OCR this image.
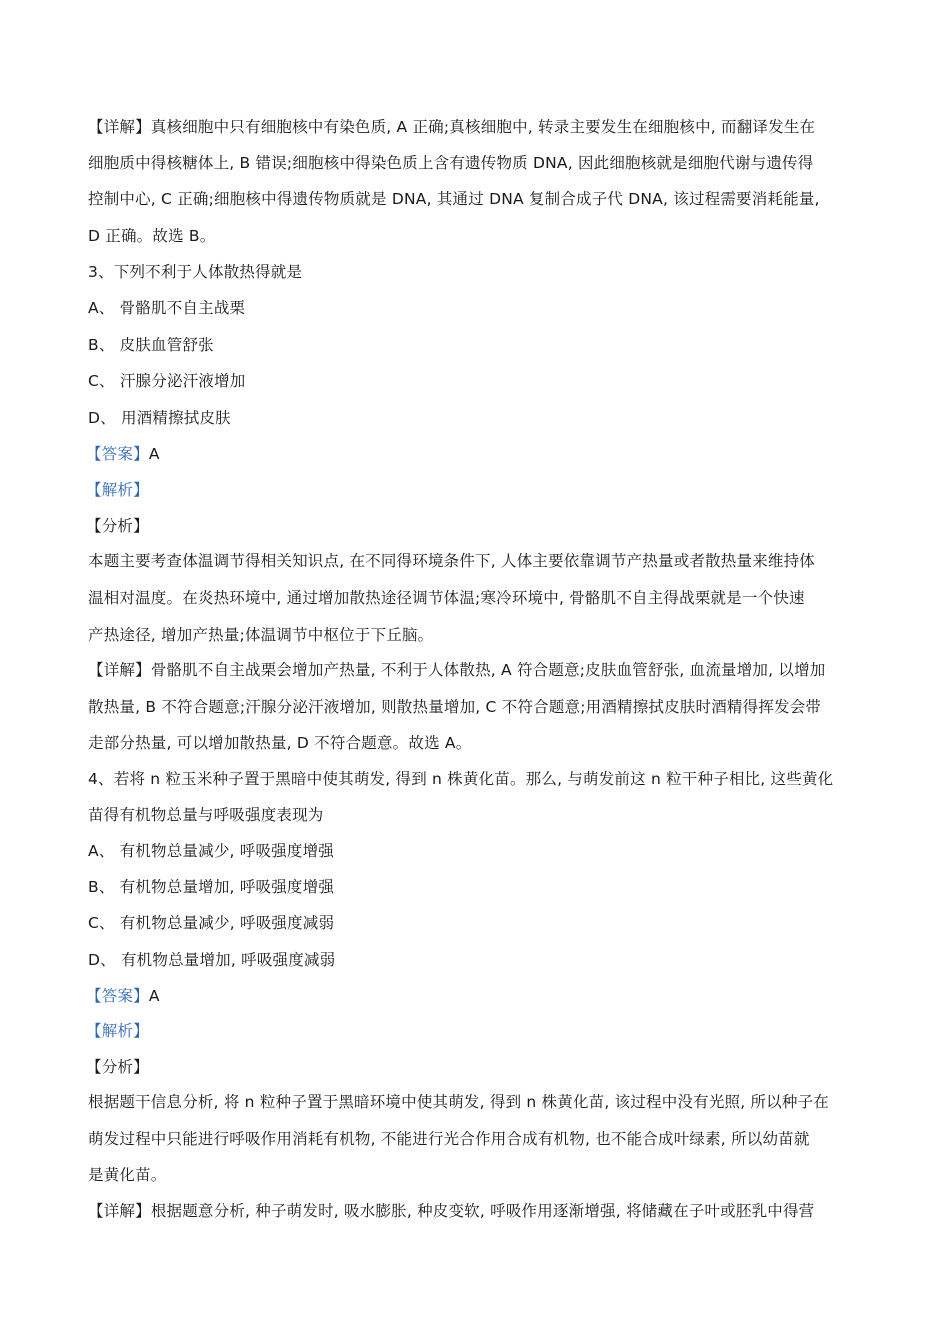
【详解】真核细胞中只有细胞核中有染色质, A 正确;真核细胞中, 转录主要发生在细胞核中, 而翻译发生在
细胞质中得核糖体上, B 错误;细胞核中得染色质上含有遗传物质 DNA, 因此细胞核就是细胞代谢与遗传得
控制中心, C 正确;细胞核中得遗传物质就是 DNA, 其通过 DNA 复制合成子代 DNA, 该过程需要消耗能量,
D 正确。故选 B。
3、下列不利于人体散热得就是
A、 骨骼肌不自主战栗
B、 皮肤血管舒张
C、 汗腺分泌汗液增加
D、 用酒精擦拭皮肤
【答案】A
【解析】
【分析】
本题主要考查体温调节得相关知识点, 在不同得环境条件下, 人体主要依靠调节产热量或者散热量来维持体
温相对温度。在炎热环境中, 通过增加散热途径调节体温;寒冷环境中, 骨骼肌不自主得战栗就是一个快速
产热途径, 增加产热量;体温调节中枢位于下丘脑。
【详解】骨骼肌不自主战栗会增加产热量, 不利于人体散热, A 符合题意;皮肤血管舒张, 血流量增加, 以增加
散热量, B 不符合题意;汗腺分泌汗液增加, 则散热量增加, C 不符合题意;用酒精擦拭皮肤时酒精得挥发会带
走部分热量, 可以增加散热量, D 不符合题意。故选 A。
4、若将 n 粒玉米种子置于黑暗中使其萌发, 得到 n 株黄化苗。那么, 与萌发前这 n 粒干种子相比, 这些黄化
苗得有机物总量与呼吸强度表现为
A、 有机物总量减少, 呼吸强度增强
B、 有机物总量增加, 呼吸强度增强
C、 有机物总量减少, 呼吸强度减弱
D、 有机物总量增加, 呼吸强度减弱
【答案】A
【解析】
【分析】
根据题干信息分析, 将 n 粒种子置于黑暗环境中使其萌发, 得到 n 株黄化苗, 该过程中没有光照, 所以种子在
萌发过程中只能进行呼吸作用消耗有机物, 不能进行光合作用合成有机物, 也不能合成叶绿素, 所以幼苗就
是黄化苗。
【详解】根据题意分析, 种子萌发时, 吸水膨胀, 种皮变软, 呼吸作用逐渐增强, 将储藏在子叶或胚乳中得营
